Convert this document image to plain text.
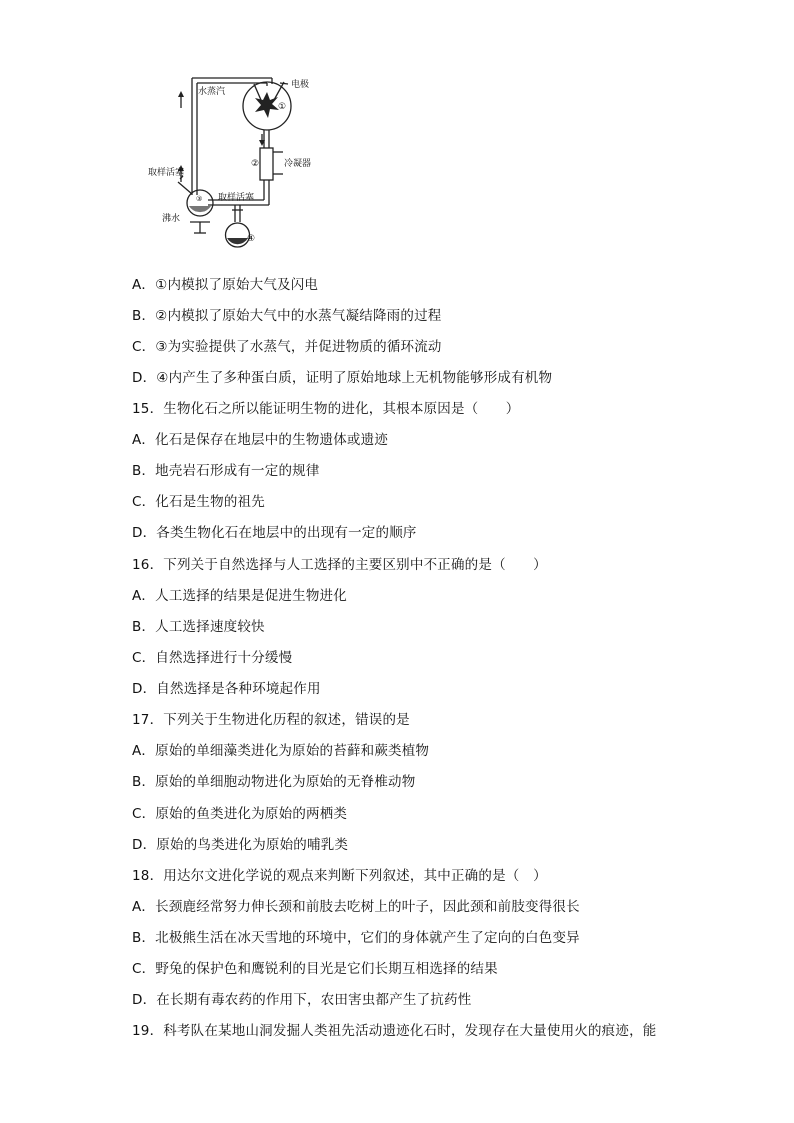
水蒸汽
电极
①
②	冷凝器
取样活塞
取样活塞
③
沸水
④
A．①内模拟了原始大气及闪电
B．②内模拟了原始大气中的水蒸气凝结降雨的过程
C．③为实验提供了水蒸气，并促进物质的循环流动
D．④内产生了多种蛋白质，证明了原始地球上无机物能够形成有机物
15．生物化石之所以能证明生物的进化，其根本原因是（　　）
A．化石是保存在地层中的生物遗体或遗迹
B．地壳岩石形成有一定的规律
C．化石是生物的祖先
D．各类生物化石在地层中的出现有一定的顺序
16．下列关于自然选择与人工选择的主要区别中不正确的是（　　）
A．人工选择的结果是促进生物进化
B．人工选择速度较快
C．自然选择进行十分缓慢
D．自然选择是各种环境起作用
17．下列关于生物进化历程的叙述，错误的是
A．原始的单细藻类进化为原始的苔藓和蕨类植物
B．原始的单细胞动物进化为原始的无脊椎动物
C．原始的鱼类进化为原始的两栖类
D．原始的鸟类进化为原始的哺乳类
18．用达尔文进化学说的观点来判断下列叙述，其中正确的是（　）
A．长颈鹿经常努力伸长颈和前肢去吃树上的叶子，因此颈和前肢变得很长
B．北极熊生活在冰天雪地的环境中，它们的身体就产生了定向的白色变异
C．野兔的保护色和鹰锐利的目光是它们长期互相选择的结果
D．在长期有毒农药的作用下，农田害虫都产生了抗药性
19．科考队在某地山洞发掘人类祖先活动遗迹化石时，发现存在大量使用火的痕迹，能
